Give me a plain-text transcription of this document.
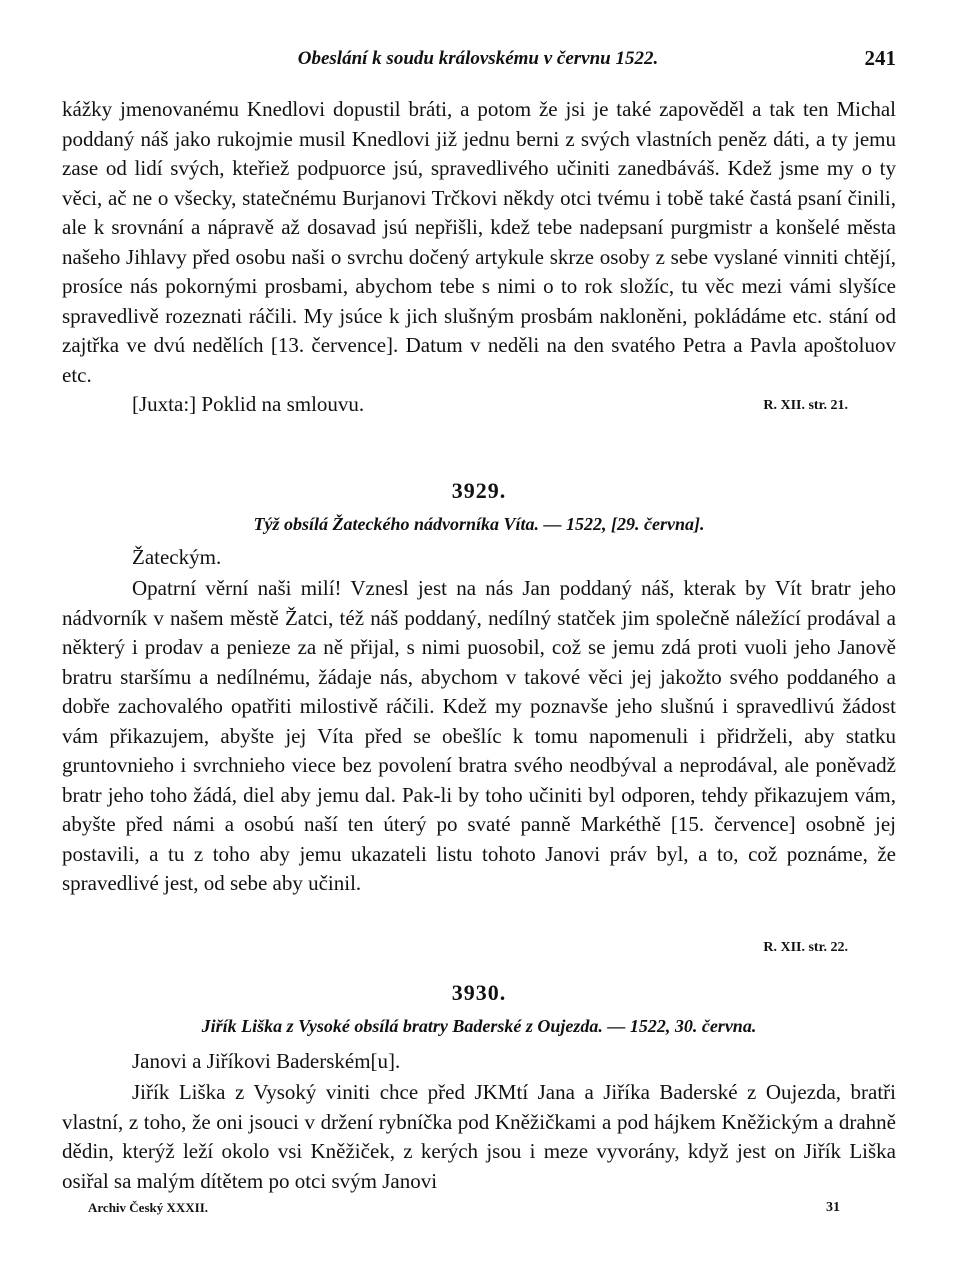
Obeslání k soudu královskému v červnu 1522.	241

kážky jmenovanému Knedlovi dopustil bráti, a potom že jsi je také zapověděl a tak ten Michal poddaný náš jako rukojmie musil Knedlovi již jednu berni z svých vlastních peněz dáti, a ty jemu zase od lidí svých, kteřiež podpuorce jsú, spravedlivého učiniti zanedbáváš. Kdež jsme my o ty věci, ač ne o všecky, statečnému Burjanovi Trčkovi někdy otci tvému i tobě také častá psaní činili, ale k srovnání a nápravě až dosavad jsú nepřišli, kdež tebe nadepsaní purgmistr a konšelé města našeho Jihlavy před osobu naši o svrchu dočený artykule skrze osoby z sebe vyslané vinniti chtějí, prosíce nás pokornými prosbami, abychom tebe s nimi o to rok složíc, tu věc mezi vámi slyšíce spravedlivě rozeznati ráčili. My jsúce k jich slušným prosbám nakloněni, pokládáme etc. stání od zajtřka ve dvú nedělích [13. července]. Datum v neděli na den svatého Petra a Pavla apoštoluov etc.

[Juxta:] Poklid na smlouvu.	R. XII. str. 21.
3929.
Týž obsílá Žateckého nádvorníka Víta. — 1522, [29. června].
Žateckým.

Opatrní věrní naši milí! Vznesl jest na nás Jan poddaný náš, kterak by Vít bratr jeho nádvorník v našem městě Žatci, též náš poddaný, nedílný statček jim společně náležící prodával a některý i prodav a penieze za ně přijal, s nimi puosobil, což se jemu zdá proti vuoli jeho Janově bratru staršímu a nedílnému, žádaje nás, abychom v takové věci jej jakožto svého poddaného a dobře zachovalého opatřiti milostivě ráčili. Kdež my poznavše jeho slušnú i spravedlivú žádost vám přikazujem, abyšte jej Víta před se obešlíc k tomu napomenuli i přidrželi, aby statku gruntovnieho i svrchnieho viece bez povolení bratra svého neodbýval a neprodával, ale poněvadž bratr jeho toho žádá, diel aby jemu dal. Pak-li by toho učiniti byl odporen, tehdy přikazujem vám, abyšte před námi a osobú naší ten úterý po svaté panně Markéthě [15. července] osobně jej postavili, a tu z toho aby jemu ukazateli listu tohoto Janovi práv byl, a to, což poznáme, že spravedlivé jest, od sebe aby učinil.

R. XII. str. 22.
3930.
Jiřík Liška z Vysoké obsílá bratry Baderské z Oujezda. — 1522, 30. června.
Janovi a Jiříkovi Baderském[u].

Jiřík Liška z Vysoký viniti chce před JKMtí Jana a Jiříka Baderské z Oujezda, bratři vlastní, z toho, že oni jsouci v držení rybníčka pod Kněžičkami a pod hájkem Kněžickým a drahně dědin, kterýž leží okolo vsi Kněžiček, z kerých jsou i meze vyvorány, když jest on Jiřík Liška osiřal sa malým dítětem po otci svým Janovi

Archiv Český XXXII.	31
